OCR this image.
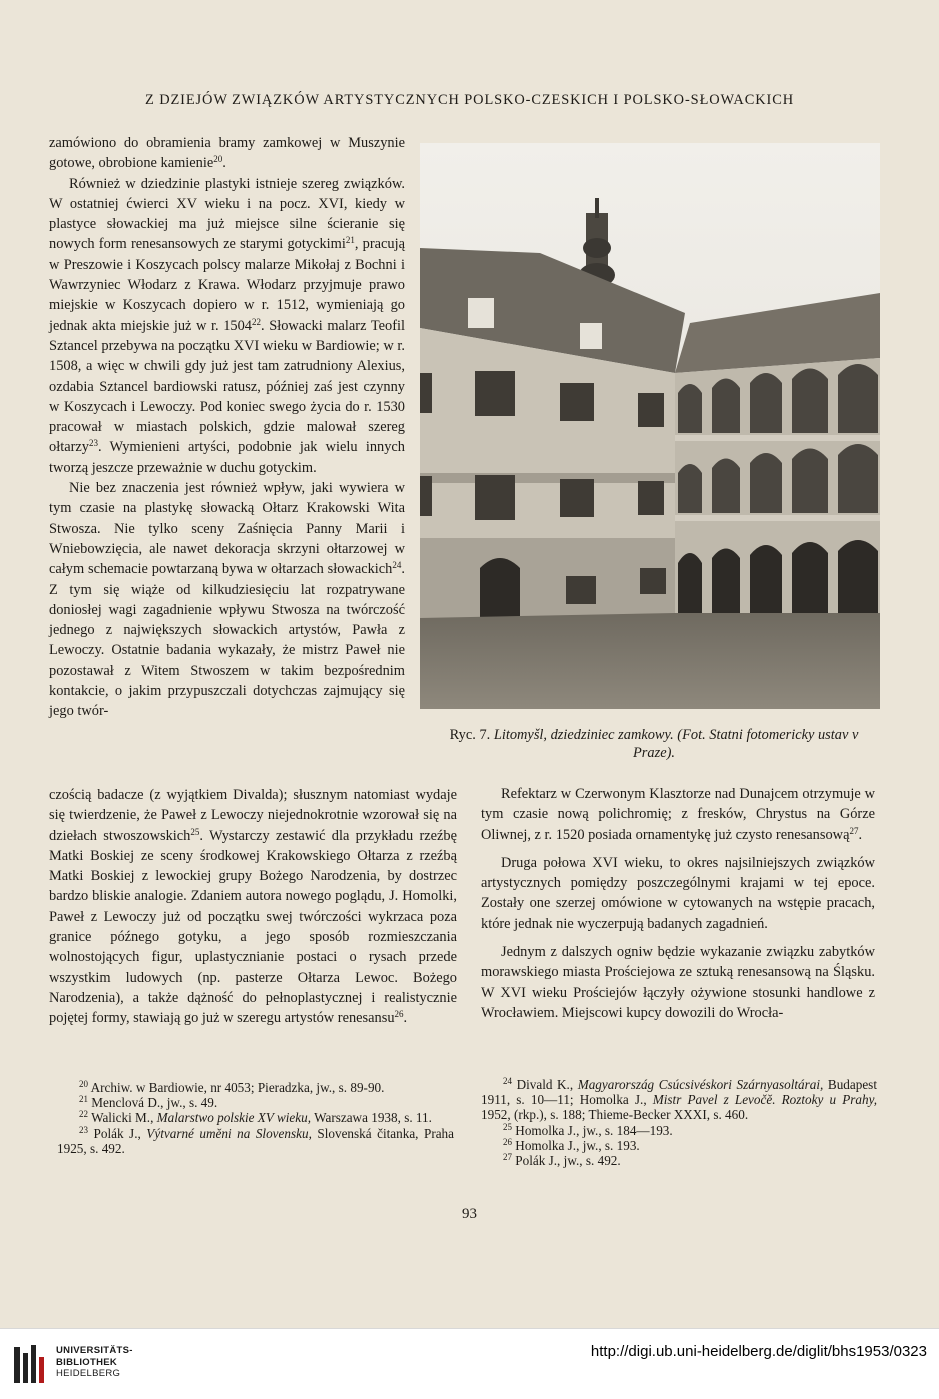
Z DZIEJÓW ZWIĄZKÓW ARTYSTYCZNYCH POLSKO-CZESKICH I POLSKO-SŁOWACKICH

zamówiono do obramienia bramy zamkowej w Muszynie gotowe, obrobione kamienie$^{20}$.

Również w dziedzinie plastyki istnieje szereg związków. W ostatniej ćwierci XV wieku i na pocz. XVI, kiedy w plastyce słowackiej ma już miejsce silne ścieranie się nowych form renesansowych ze starymi gotyckimi$^{21}$, pracują w Preszowie i Koszycach polscy malarze Mikołaj z Bochni i Wawrzyniec Włodarz z Krawa. Włodarz przyjmuje prawo miejskie w Koszycach dopiero w r. 1512, wymieniają go jednak akta miejskie już w r. 1504$^{22}$. Słowacki malarz Teofil Sztancel przebywa na początku XVI wieku w Bardiowie; w r. 1508, a więc w chwili gdy już jest tam zatrudniony Alexius, ozdabia Sztancel bardiowski ratusz, później zaś jest czynny w Koszycach i Lewoczy. Pod koniec swego życia do r. 1530 pracował w miastach polskich, gdzie malował szereg ołtarzy$^{23}$. Wymienieni artyści, podobnie jak wielu innych tworzą jeszcze przeważnie w duchu gotyckim.

Nie bez znaczenia jest również wpływ, jaki wywiera w tym czasie na plastykę słowacką Ołtarz Krakowski Wita Stwosza. Nie tylko sceny Zaśnięcia Panny Marii i Wniebowzięcia, ale nawet dekoracja skrzyni ołtarzowej w całym schemacie powtarzaną bywa w ołtarzach słowackich$^{24}$. Z tym się wiąże od kilkudziesięciu lat rozpatrywane doniosłej wagi zagadnienie wpływu Stwosza na twórczość jednego z największych słowackich artystów, Pawła z Lewoczy. Ostatnie badania wykazały, że mistrz Paweł nie pozostawał z Witem Stwoszem w takim bezpośrednim kontakcie, o jakim przypuszczali dotychczas zajmujący się jego twór-

Ryc. 7. Litomyšl, dziedziniec zamkowy. (Fot. Statni fotomericky ustav v Praze).

czością badacze (z wyjątkiem Divalda); słusznym natomiast wydaje się twierdzenie, że Paweł z Lewoczy niejednokrotnie wzorował się na dziełach stwoszowskich$^{25}$. Wystarczy zestawić dla przykładu rzeźbę Matki Boskiej ze sceny środkowej Krakowskiego Ołtarza z rzeźbą Matki Boskiej z lewockiej grupy Bożego Narodzenia, by dostrzec bardzo bliskie analogie. Zdaniem autora nowego poglądu, J. Homolki, Paweł z Lewoczy już od początku swej twórczości wykrzaca poza granice późnego gotyku, a jego sposób rozmieszczania wolnostojących figur, uplastycznianie postaci o rysach przede wszystkim ludowych (np. pasterze Ołtarza Lewoc. Bożego Narodzenia), a także dążność do pełnoplastycznej i realistycznie pojętej formy, stawiają go już w szeregu artystów renesansu$^{26}$.

Refektarz w Czerwonym Klasztorze nad Dunajcem otrzymuje w tym czasie nową polichromię; z fresków, Chrystus na Górze Oliwnej, z r. 1520 posiada ornamentykę już czysto renesansową$^{27}$.

Druga połowa XVI wieku, to okres najsilniejszych związków artystycznych pomiędzy poszczególnymi krajami w tej epoce. Zostały one szerzej omówione w cytowanych na wstępie pracach, które jednak nie wyczerpują badanych zagadnień.

Jednym z dalszych ogniw będzie wykazanie związku zabytków morawskiego miasta Prościejowa ze sztuką renesansową na Śląsku. W XVI wieku Prościejów łączyły ożywione stosunki handlowe z Wrocławiem. Miejscowi kupcy dowozili do Wrocła-

$^{20}$ Archiw. w Bardiowie, nr 4053; Pieradzka, jw., s. 89-90.

$^{21}$ Menclová D., jw., s. 49.

$^{22}$ Walicki M., Malarstwo polskie XV wieku, Warszawa 1938, s. 11.

$^{23}$ Polák J., Výtvarné umĕni na Slovensku, Slovenská čitanka, Praha 1925, s. 492.

$^{24}$ Divald K., Magyarország Csúcsivéskori Szárnyasoltárai, Budapest 1911, s. 10—11; Homolka J., Mistr Pavel z Levočĕ. Roztoky u Prahy, 1952, (rkp.), s. 188; Thieme-Becker XXXI, s. 460.

$^{25}$ Homolka J., jw., s. 184—193.

$^{26}$ Homolka J., jw., s. 193.

$^{27}$ Polák J., jw., s. 492.

93
UNIVERSITÄTS-
BIBLIOTHEK
HEIDELBERG
http://digi.ub.uni-heidelberg.de/diglit/bhs1953/0323
